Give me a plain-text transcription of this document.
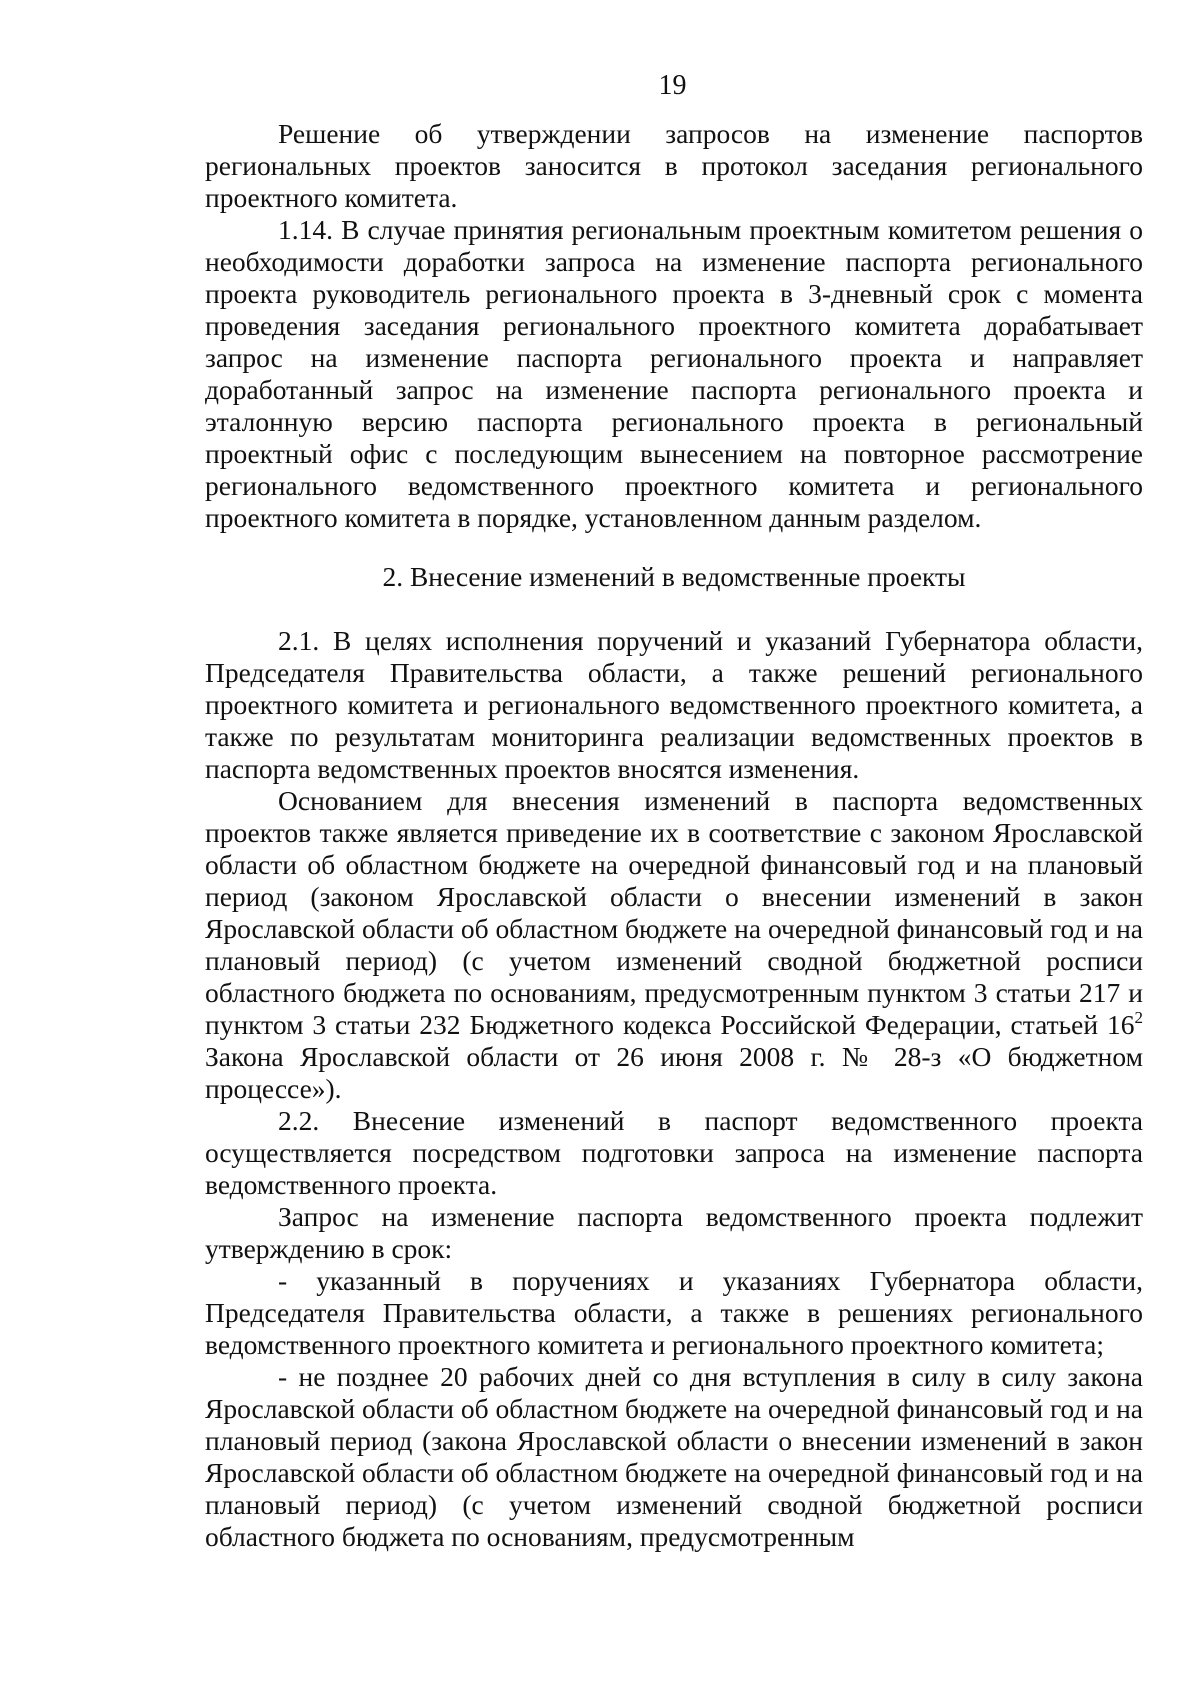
19

Решение об утверждении запросов на изменение паспортов региональных проектов заносится в протокол заседания регионального проектного комитета.

1.14. В случае принятия региональным проектным комитетом решения о необходимости доработки запроса на изменение паспорта регионального проекта руководитель регионального проекта в 3-дневный срок с момента проведения заседания регионального проектного комитета дорабатывает запрос на изменение паспорта регионального проекта и направляет доработанный запрос на изменение паспорта регионального проекта и эталонную версию паспорта регионального проекта в региональный проектный офис с последующим вынесением на повторное рассмотрение регионального ведомственного проектного комитета и регионального проектного комитета в порядке, установленном данным разделом.

2. Внесение изменений в ведомственные проекты

2.1. В целях исполнения поручений и указаний Губернатора области, Председателя Правительства области, а также решений регионального проектного комитета и регионального ведомственного проектного комитета, а также по результатам мониторинга реализации ведомственных проектов в паспорта ведомственных проектов вносятся изменения.

Основанием для внесения изменений в паспорта ведомственных проектов также является приведение их в соответствие с законом Ярославской области об областном бюджете на очередной финансовый год и на плановый период (законом Ярославской области о внесении изменений в закон Ярославской области об областном бюджете на очередной финансовый год и на плановый период) (с учетом изменений сводной бюджетной росписи областного бюджета по основаниям, предусмотренным пунктом 3 статьи 217 и пунктом 3 статьи 232 Бюджетного кодекса Российской Федерации, статьей $16^2$ Закона Ярославской области от 26 июня 2008 г. № 28-з «О бюджетном процессе»).

2.2. Внесение изменений в паспорт ведомственного проекта осуществляется посредством подготовки запроса на изменение паспорта ведомственного проекта.

Запрос на изменение паспорта ведомственного проекта подлежит утверждению в срок:

- указанный в поручениях и указаниях Губернатора области, Председателя Правительства области, а также в решениях регионального ведомственного проектного комитета и регионального проектного комитета;

- не позднее 20 рабочих дней со дня вступления в силу в силу закона Ярославской области об областном бюджете на очередной финансовый год и на плановый период (закона Ярославской области о внесении изменений в закон Ярославской области об областном бюджете на очередной финансовый год и на плановый период) (с учетом изменений сводной бюджетной росписи областного бюджета по основаниям, предусмотренным
